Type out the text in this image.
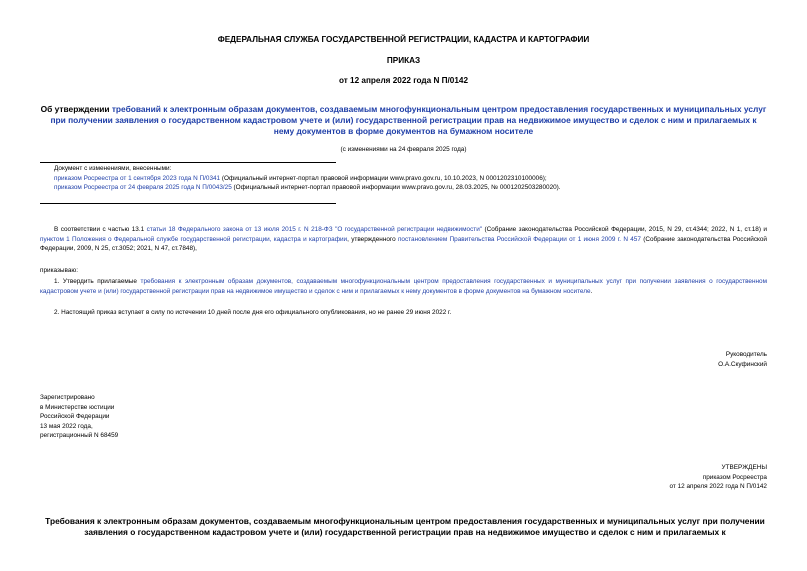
ФЕДЕРАЛЬНАЯ СЛУЖБА ГОСУДАРСТВЕННОЙ РЕГИСТРАЦИИ, КАДАСТРА И КАРТОГРАФИИ
ПРИКАЗ
от 12 апреля 2022 года N П/0142
Об утверждении требований к электронным образам документов, создаваемым многофункциональным центром предоставления государственных и муниципальных услуг при получении заявления о государственном кадастровом учете и (или) государственной регистрации прав на недвижимое имущество и сделок с ним и прилагаемых к нему документов в форме документов на бумажном носителе
(с изменениями на 24 февраля 2025 года)
Документ с изменениями, внесенными:
приказом Росреестра от 1 сентября 2023 года N П/0341 (Официальный интернет-портал правовой информации www.pravo.gov.ru, 10.10.2023, N 0001202310100006);
приказом Росреестра от 24 февраля 2025 года N П/0043/25 (Официальный интернет-портал правовой информации www.pravo.gov.ru, 28.03.2025, № 0001202503280020).
В соответствии с частью 13.1 статьи 18 Федерального закона от 13 июля 2015 г. N 218-ФЗ "О государственной регистрации недвижимости" (Собрание законодательства Российской Федерации, 2015, N 29, ст.4344; 2022, N 1, ст.18) и пунктом 1 Положения о Федеральной службе государственной регистрации, кадастра и картографии, утвержденного постановлением Правительства Российской Федерации от 1 июня 2009 г. N 457 (Собрание законодательства Российской Федерации, 2009, N 25, ст.3052; 2021, N 47, ст.7848),
приказываю:
1. Утвердить прилагаемые требования к электронным образам документов, создаваемым многофункциональным центром предоставления государственных и муниципальных услуг при получении заявления о государственном кадастровом учете и (или) государственной регистрации прав на недвижимое имущество и сделок с ним и прилагаемых к нему документов в форме документов на бумажном носителе.
2. Настоящий приказ вступает в силу по истечении 10 дней после дня его официального опубликования, но не ранее 29 июня 2022 г.
Руководитель
О.А.Скуфинский
Зарегистрировано
в Министерстве юстиции
Российской Федерации
13 мая 2022 года,
регистрационный N 68459
УТВЕРЖДЕНЫ
приказом Росреестра
от 12 апреля 2022 года N П/0142
Требования к электронным образам документов, создаваемым многофункциональным центром предоставления государственных и муниципальных услуг при получении заявления о государственном кадастровом учете и (или) государственной регистрации прав на недвижимое имущество и сделок с ним и прилагаемых к
